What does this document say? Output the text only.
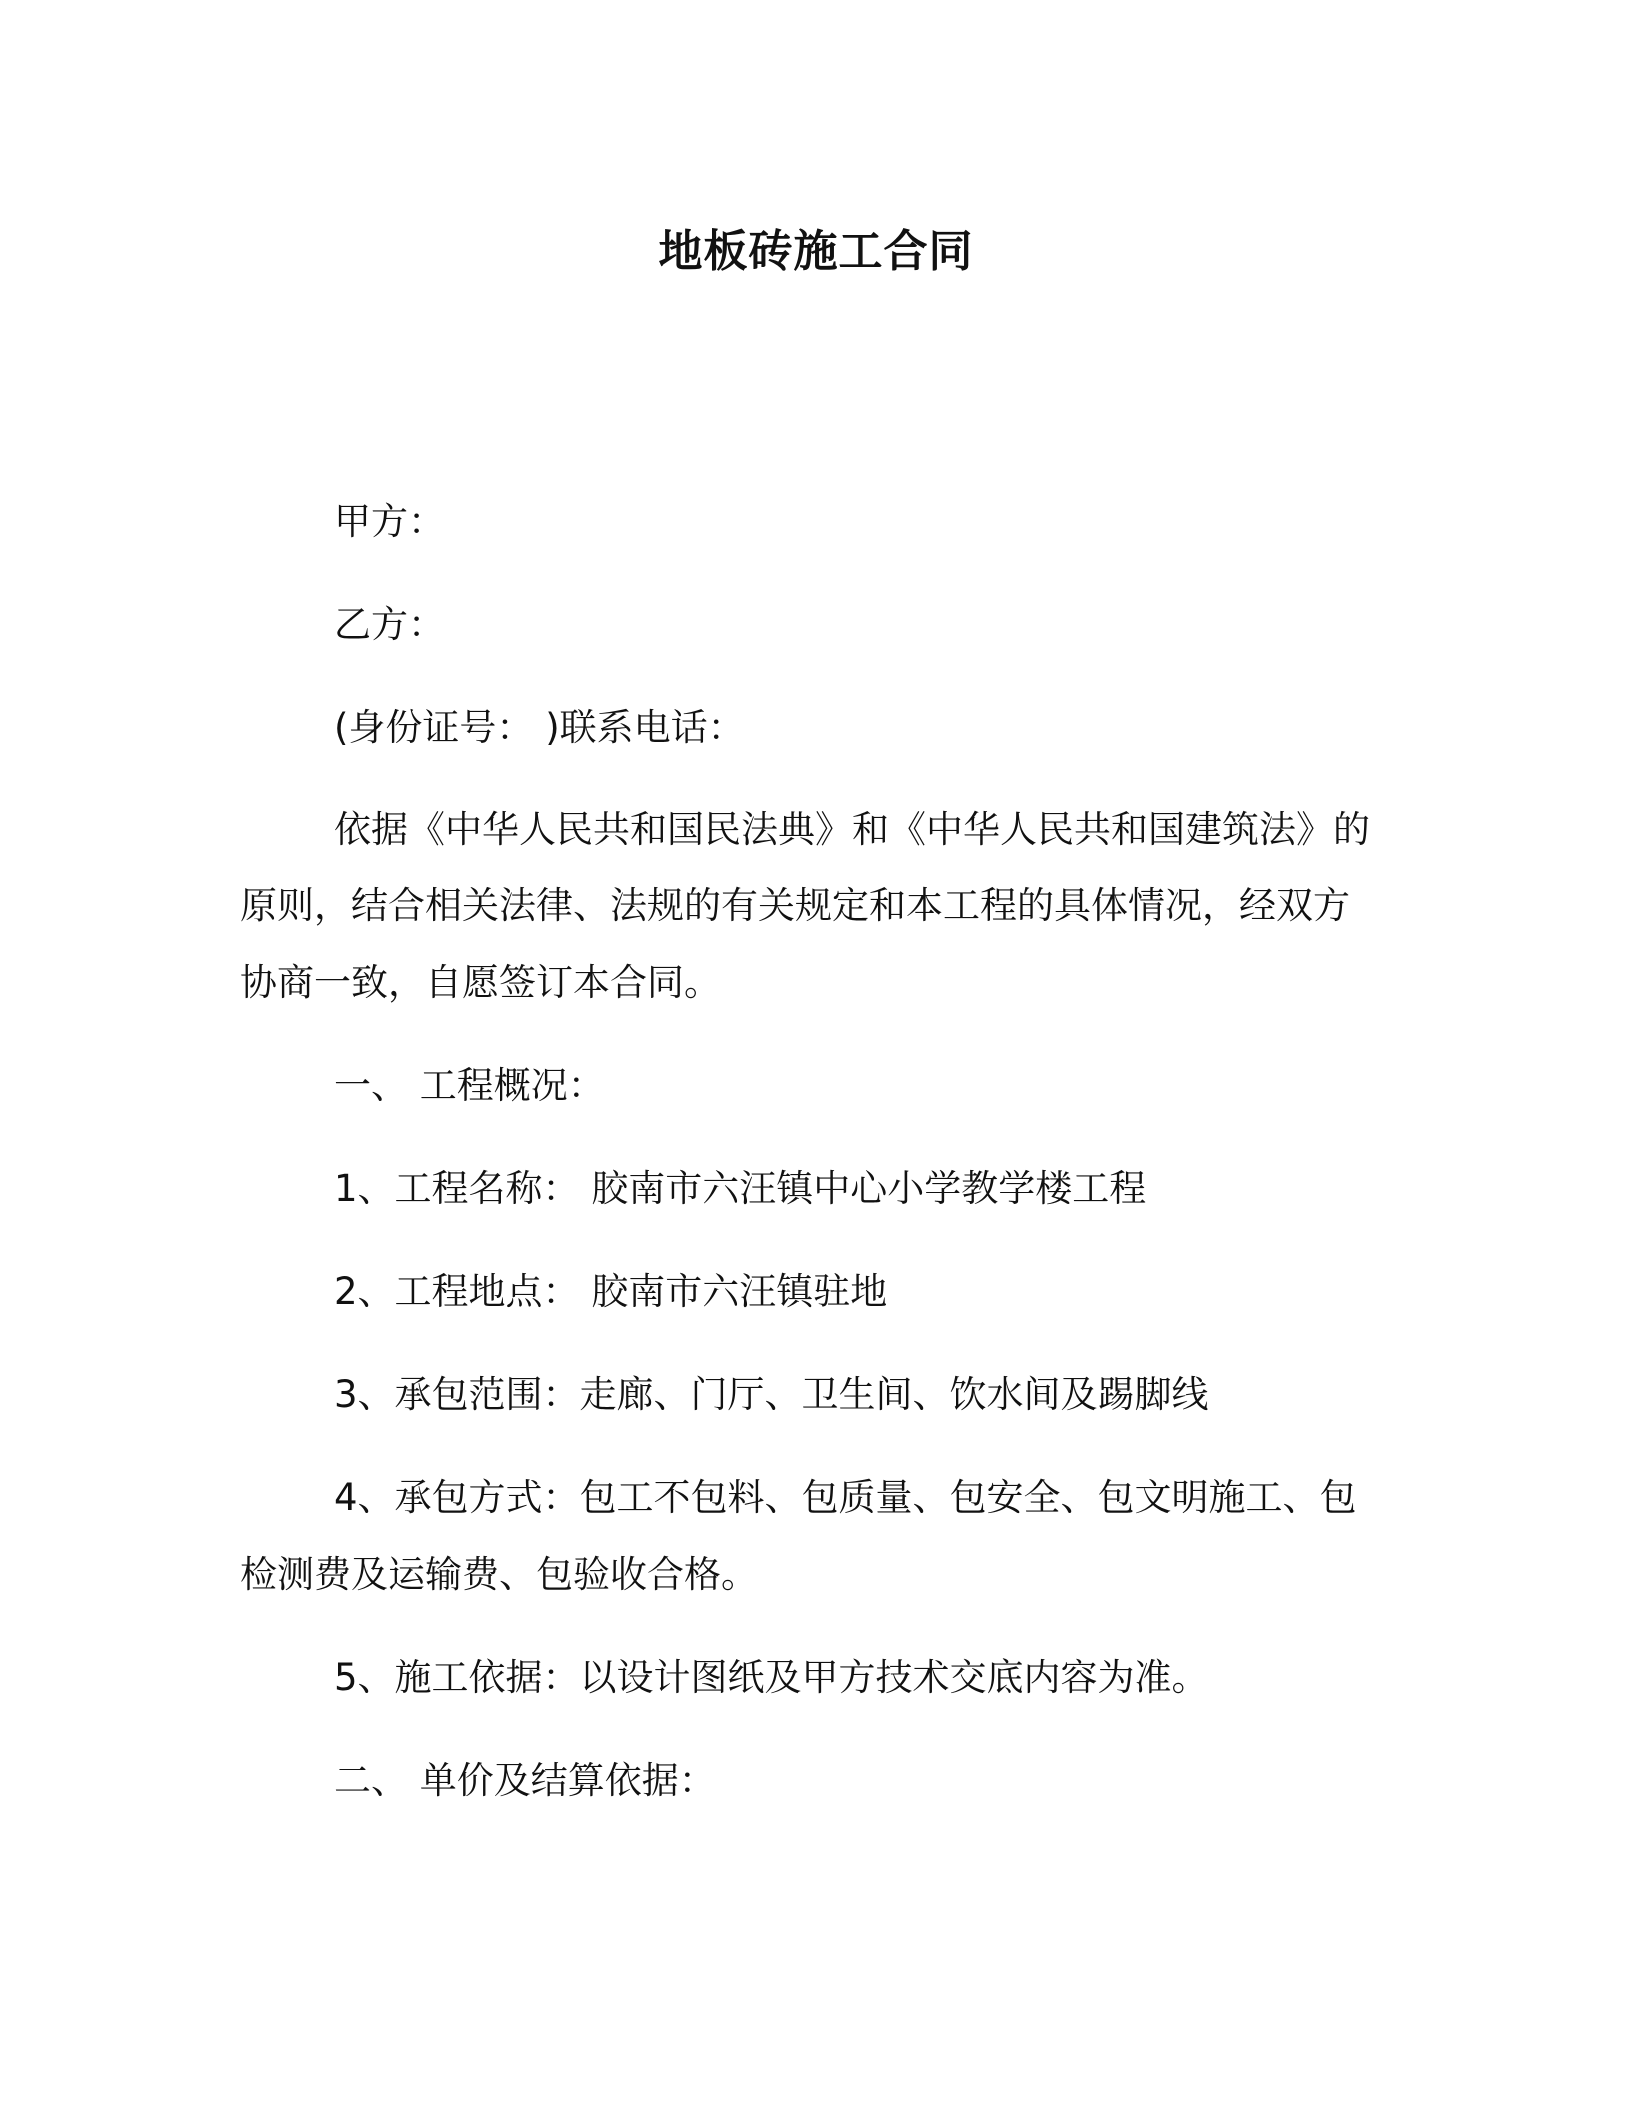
地板砖施工合同
甲方：
乙方：
(身份证号： )联系电话：
依据《中华人民共和国民法典》和《中华人民共和国建筑法》的
原则，结合相关法律、法规的有关规定和本工程的具体情况，经双方
协商一致，自愿签订本合同。
一、 工程概况：
1、工程名称： 胶南市六汪镇中心小学教学楼工程
2、工程地点： 胶南市六汪镇驻地
3、承包范围：走廊、门厅、卫生间、饮水间及踢脚线
4、承包方式：包工不包料、包质量、包安全、包文明施工、包
检测费及运输费、包验收合格。
5、施工依据：以设计图纸及甲方技术交底内容为准。
二、 单价及结算依据：
